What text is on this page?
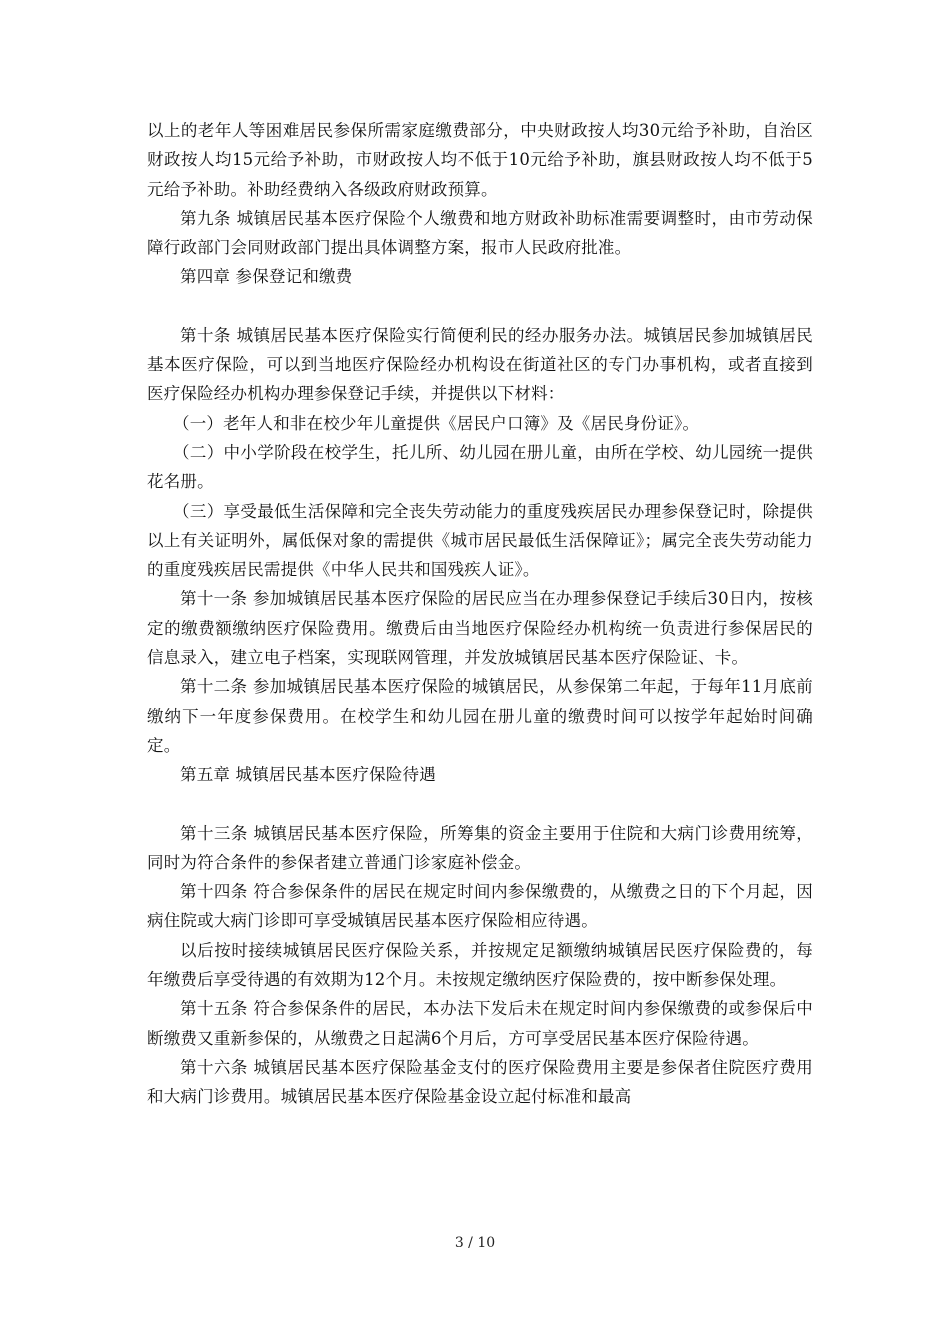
以上的老年人等困难居民参保所需家庭缴费部分，中央财政按人均30元给予补助，自治区财政按人均15元给予补助，市财政按人均不低于10元给予补助，旗县财政按人均不低于5元给予补助。补助经费纳入各级政府财政预算。

第九条 城镇居民基本医疗保险个人缴费和地方财政补助标准需要调整时，由市劳动保障行政部门会同财政部门提出具体调整方案，报市人民政府批准。

第四章 参保登记和缴费

第十条 城镇居民基本医疗保险实行简便利民的经办服务办法。城镇居民参加城镇居民基本医疗保险，可以到当地医疗保险经办机构设在街道社区的专门办事机构，或者直接到医疗保险经办机构办理参保登记手续，并提供以下材料：

（一）老年人和非在校少年儿童提供《居民户口簿》及《居民身份证》。

（二）中小学阶段在校学生，托儿所、幼儿园在册儿童，由所在学校、幼儿园统一提供花名册。

（三）享受最低生活保障和完全丧失劳动能力的重度残疾居民办理参保登记时，除提供以上有关证明外，属低保对象的需提供《城市居民最低生活保障证》；属完全丧失劳动能力的重度残疾居民需提供《中华人民共和国残疾人证》。

第十一条 参加城镇居民基本医疗保险的居民应当在办理参保登记手续后30日内，按核定的缴费额缴纳医疗保险费用。缴费后由当地医疗保险经办机构统一负责进行参保居民的信息录入，建立电子档案，实现联网管理，并发放城镇居民基本医疗保险证、卡。

第十二条 参加城镇居民基本医疗保险的城镇居民，从参保第二年起，于每年11月底前缴纳下一年度参保费用。在校学生和幼儿园在册儿童的缴费时间可以按学年起始时间确定。

第五章 城镇居民基本医疗保险待遇

第十三条 城镇居民基本医疗保险，所筹集的资金主要用于住院和大病门诊费用统筹，同时为符合条件的参保者建立普通门诊家庭补偿金。

第十四条 符合参保条件的居民在规定时间内参保缴费的，从缴费之日的下个月起，因病住院或大病门诊即可享受城镇居民基本医疗保险相应待遇。

以后按时接续城镇居民医疗保险关系，并按规定足额缴纳城镇居民医疗保险费的，每年缴费后享受待遇的有效期为12个月。未按规定缴纳医疗保险费的，按中断参保处理。

第十五条 符合参保条件的居民，本办法下发后未在规定时间内参保缴费的或参保后中断缴费又重新参保的，从缴费之日起满6个月后，方可享受居民基本医疗保险待遇。

第十六条 城镇居民基本医疗保险基金支付的医疗保险费用主要是参保者住院医疗费用和大病门诊费用。城镇居民基本医疗保险基金设立起付标准和最高

3 / 10
